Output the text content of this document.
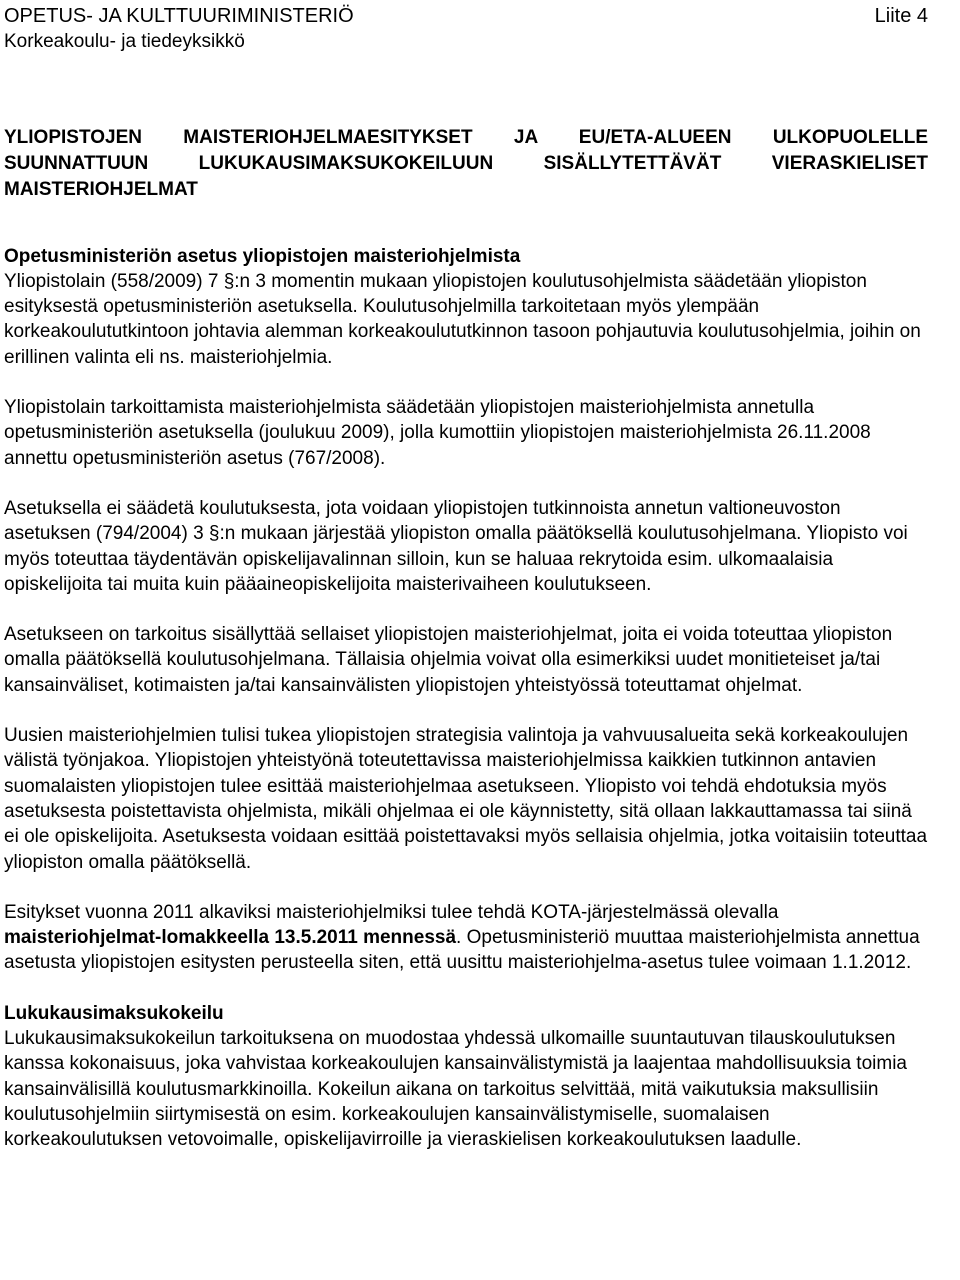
OPETUS- JA KULTTUURIMINISTERIÖ
Korkeakoulu- ja tiedeyksikkö
Liite 4
YLIOPISTOJEN MAISTERIOHJELMAESITYKSET JA EU/ETA-ALUEEN ULKOPUOLELLE SUUNNATTUUN LUKUKAUSIMAKSUKOKEILUUN SISÄLLYTETTÄVÄT VIERASKIELISET MAISTERIOHJELMAT
Opetusministeriön asetus yliopistojen maisteriohjelmista

Yliopistolain (558/2009) 7 §:n 3 momentin mukaan yliopistojen koulutusohjelmista säädetään yliopiston esityksestä opetusministeriön asetuksella. Koulutusohjelmilla tarkoitetaan myös ylempään korkeakoulututkintoon johtavia alemman korkeakoulututkinnon tasoon pohjautuvia koulutusohjelmia, joihin on erillinen valinta eli ns. maisteriohjelmia.

Yliopistolain tarkoittamista maisteriohjelmista säädetään yliopistojen maisteriohjelmista annetulla opetusministeriön asetuksella (joulukuu 2009), jolla kumottiin yliopistojen maisteriohjelmista 26.11.2008 annettu opetusministeriön asetus (767/2008).

Asetuksella ei säädetä koulutuksesta, jota voidaan yliopistojen tutkinnoista annetun valtioneuvoston asetuksen (794/2004) 3 §:n mukaan järjestää yliopiston omalla päätöksellä koulutusohjelmana. Yliopisto voi myös toteuttaa täydentävän opiskelijavalinnan silloin, kun se haluaa rekrytoida esim. ulkomaalaisia opiskelijoita tai muita kuin pääaineopiskelijoita maisterivaiheen koulutukseen.

Asetukseen on tarkoitus sisällyttää sellaiset yliopistojen maisteriohjelmat, joita ei voida toteuttaa yliopiston omalla päätöksellä koulutusohjelmana. Tällaisia ohjelmia voivat olla esimerkiksi uudet monitieteiset ja/tai kansainväliset, kotimaisten ja/tai kansainvälisten yliopistojen yhteistyössä toteuttamat ohjelmat.

Uusien maisteriohjelmien tulisi tukea yliopistojen strategisia valintoja ja vahvuusalueita sekä korkeakoulujen välistä työnjakoa. Yliopistojen yhteistyönä toteutettavissa maisteriohjelmissa kaikkien tutkinnon antavien suomalaisten yliopistojen tulee esittää maisteriohjelmaa asetukseen. Yliopisto voi tehdä ehdotuksia myös asetuksesta poistettavista ohjelmista, mikäli ohjelmaa ei ole käynnistetty, sitä ollaan lakkauttamassa tai siinä ei ole opiskelijoita. Asetuksesta voidaan esittää poistettavaksi myös sellaisia ohjelmia, jotka voitaisiin toteuttaa yliopiston omalla päätöksellä.

Esitykset vuonna 2011 alkaviksi maisteriohjelmiksi tulee tehdä KOTA-järjestelmässä olevalla maisteriohjelmat-lomakkeella 13.5.2011 mennessä. Opetusministeriö muuttaa maisteriohjelmista annettua asetusta yliopistojen esitysten perusteella siten, että uusittu maisteriohjelma-asetus tulee voimaan 1.1.2012.

Lukukausimaksukokeilu

Lukukausimaksukokeilun tarkoituksena on muodostaa yhdessä ulkomaille suuntautuvan tilauskoulutuksen kanssa kokonaisuus, joka vahvistaa korkeakoulujen kansainvälistymistä ja laajentaa mahdollisuuksia toimia kansainvälisillä koulutusmarkkinoilla. Kokeilun aikana on tarkoitus selvittää, mitä vaikutuksia maksullisiin koulutusohjelmiin siirtymisestä on esim. korkeakoulujen kansainvälistymiselle, suomalaisen korkeakoulutuksen vetovoimalle, opiskelijavirroille ja vieraskielisen korkeakoulutuksen laadulle.
